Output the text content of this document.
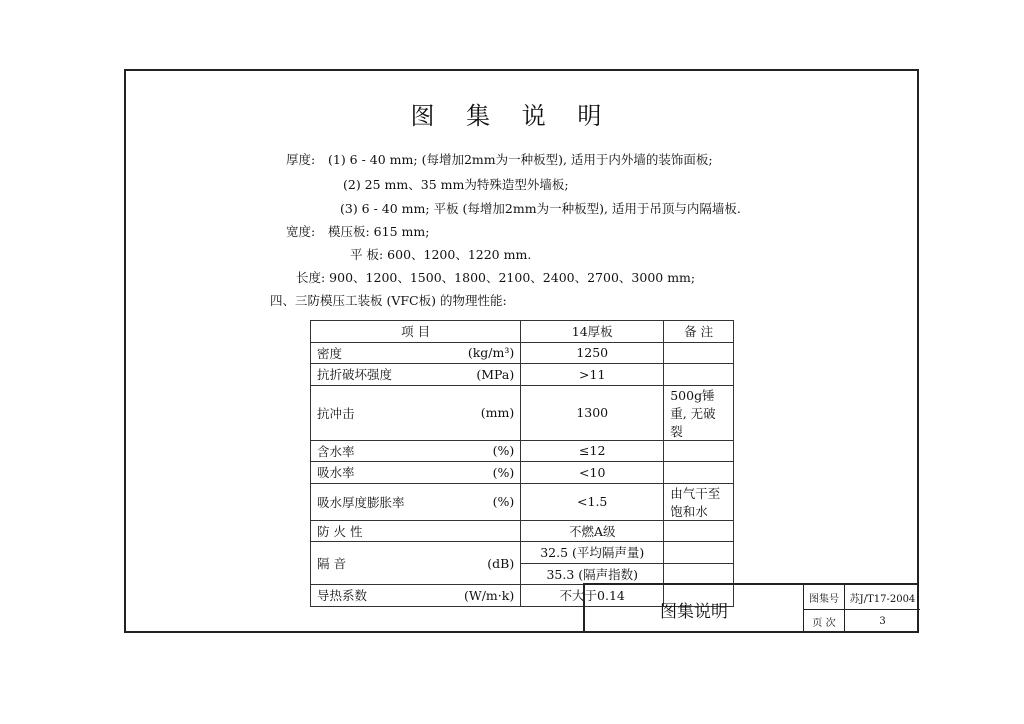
图 集 说 明
厚度: (1) 6 - 40 mm; (每增加2mm为一种板型), 适用于内外墙的装饰面板;
(2) 25 mm、35 mm为特殊造型外墙板;
(3) 6 - 40 mm; 平板 (每增加2mm为一种板型), 适用于吊顶与内隔墙板.
宽度: 模压板: 615 mm;
平 板: 600、1200、1220 mm.
长度: 900、1200、1500、1800、2100、2400、2700、3000 mm;
四、三防模压工装板 (VFC板) 的物理性能:
项 目		14厚板	备 注
密度	(kg/m³)	1250	
抗折破坏强度	(MPa)	>11	
抗冲击	(mm)	1300	500g锤重, 无破裂
含水率	(%)	≤12	
吸水率	(%)	<10	
吸水厚度膨胀率	(%)	<1.5	由气干至饱和水
防 火 性		不燃A级	
隔 音	(dB)	32.5 (平均隔声量)	
		35.3 (隔声指数)	
导热系数	(W/m·k)	不大于0.14	
图集说明
图集号	苏J/T17-2004
页 次	3
